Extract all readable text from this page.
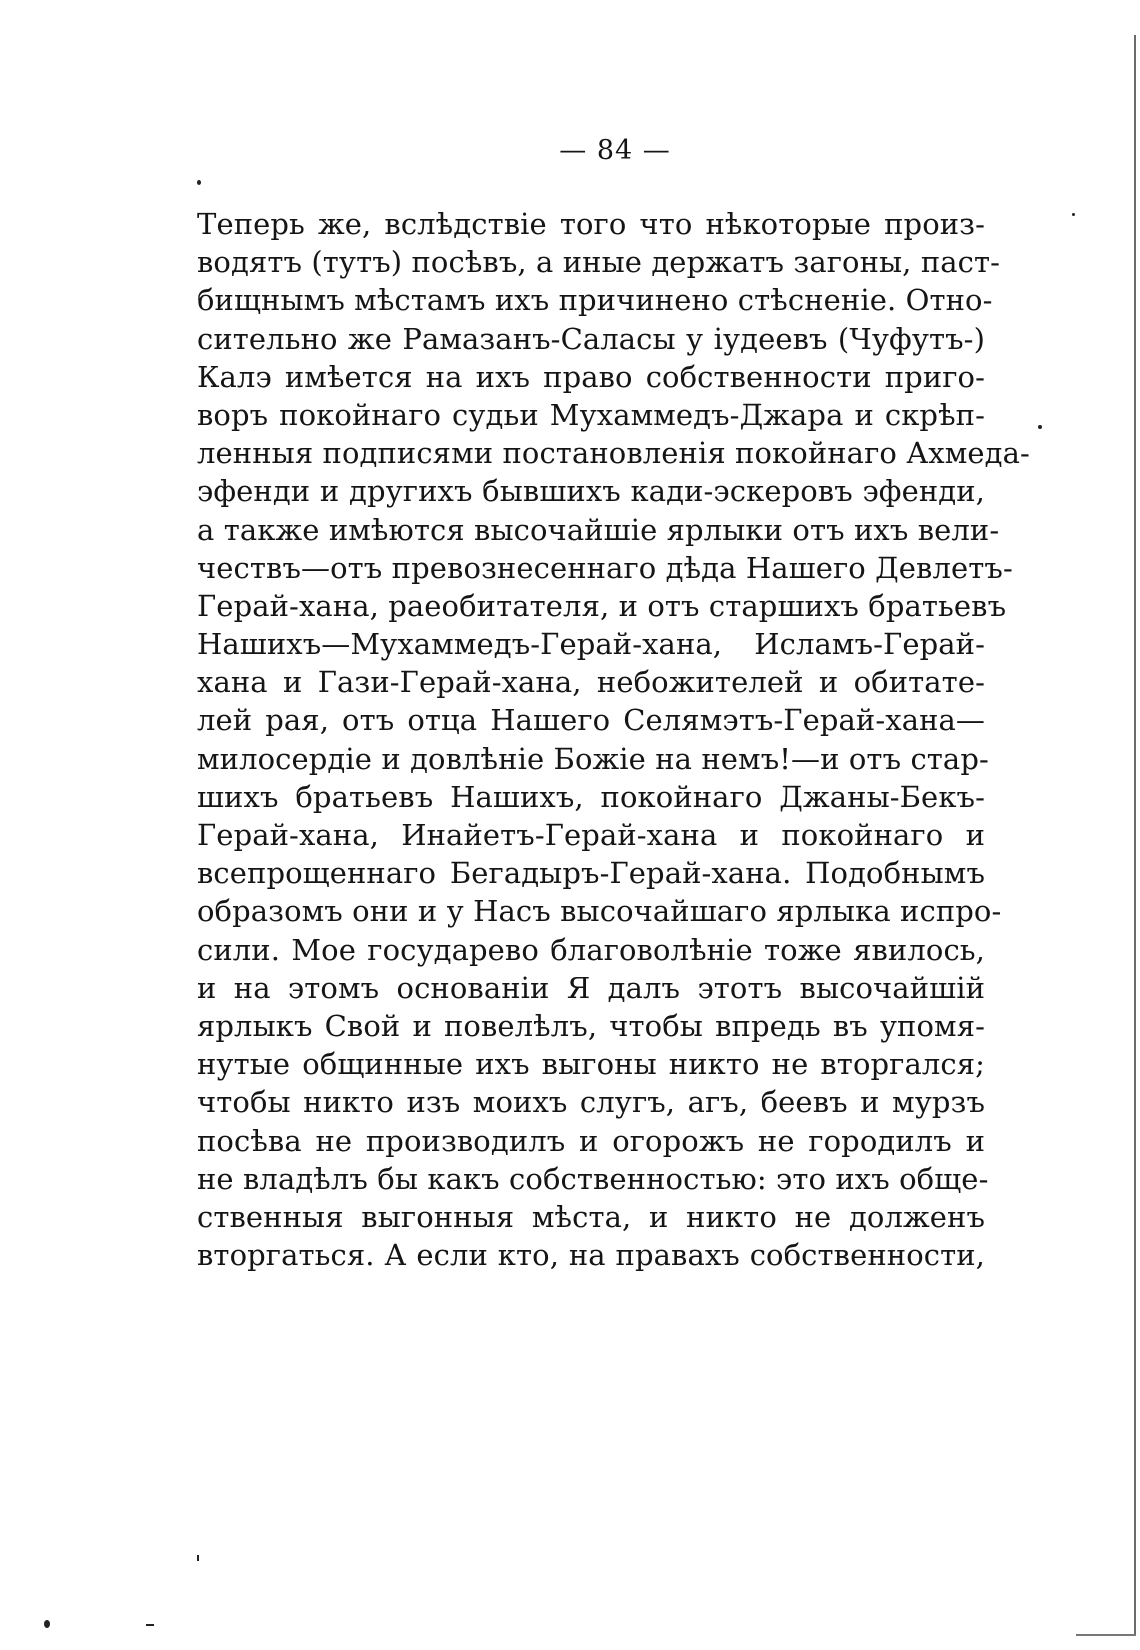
— 84 —
Теперь же, вслѣдствіе того что нѣкоторые произ-
водятъ (тутъ) посѣвъ, а иные держатъ загоны, паст-
бищнымъ мѣстамъ ихъ причинено стѣсненіе. Отно-
сительно же Рамазанъ-Саласы у іудеевъ (Чуфутъ-)
Калэ имѣется на ихъ право собственности приго-
воръ покойнаго судьи Мухаммедъ-Джара и скрѣп-
ленныя подписями постановленія покойнаго Ахмеда-
эфенди и другихъ бывшихъ кади-эскеровъ эфенди,
а также имѣются высочайшіе ярлыки отъ ихъ вели-
чествъ—отъ превознесеннаго дѣда Нашего Девлетъ-
Герай-хана, раеобитателя, и отъ старшихъ братьевъ
Нашихъ—Мухаммедъ-Герай-хана, Исламъ-Герай-
хана и Гази-Герай-хана, небожителей и обитате-
лей рая, отъ отца Нашего Селямэтъ-Герай-хана—
милосердіе и довлѣніе Божіе на немъ!—и отъ стар-
шихъ братьевъ Нашихъ, покойнаго Джаны-Бекъ-
Герай-хана, Инайетъ-Герай-хана и покойнаго и
всепрощеннаго Бегадыръ-Герай-хана. Подобнымъ
образомъ они и у Насъ высочайшаго ярлыка испро-
сили. Мое государево благоволѣніе тоже явилось,
и на этомъ основаніи Я далъ этотъ высочайшій
ярлыкъ Свой и повелѣлъ, чтобы впредь въ упомя-
нутые общинные ихъ выгоны никто не вторгался;
чтобы никто изъ моихъ слугъ, агъ, беевъ и мурзъ
посѣва не производилъ и огорожъ не городилъ и
не владѣлъ бы какъ собственностью: это ихъ обще-
ственныя выгонныя мѣста, и никто не долженъ
вторгаться. А если кто, на правахъ собственности,
